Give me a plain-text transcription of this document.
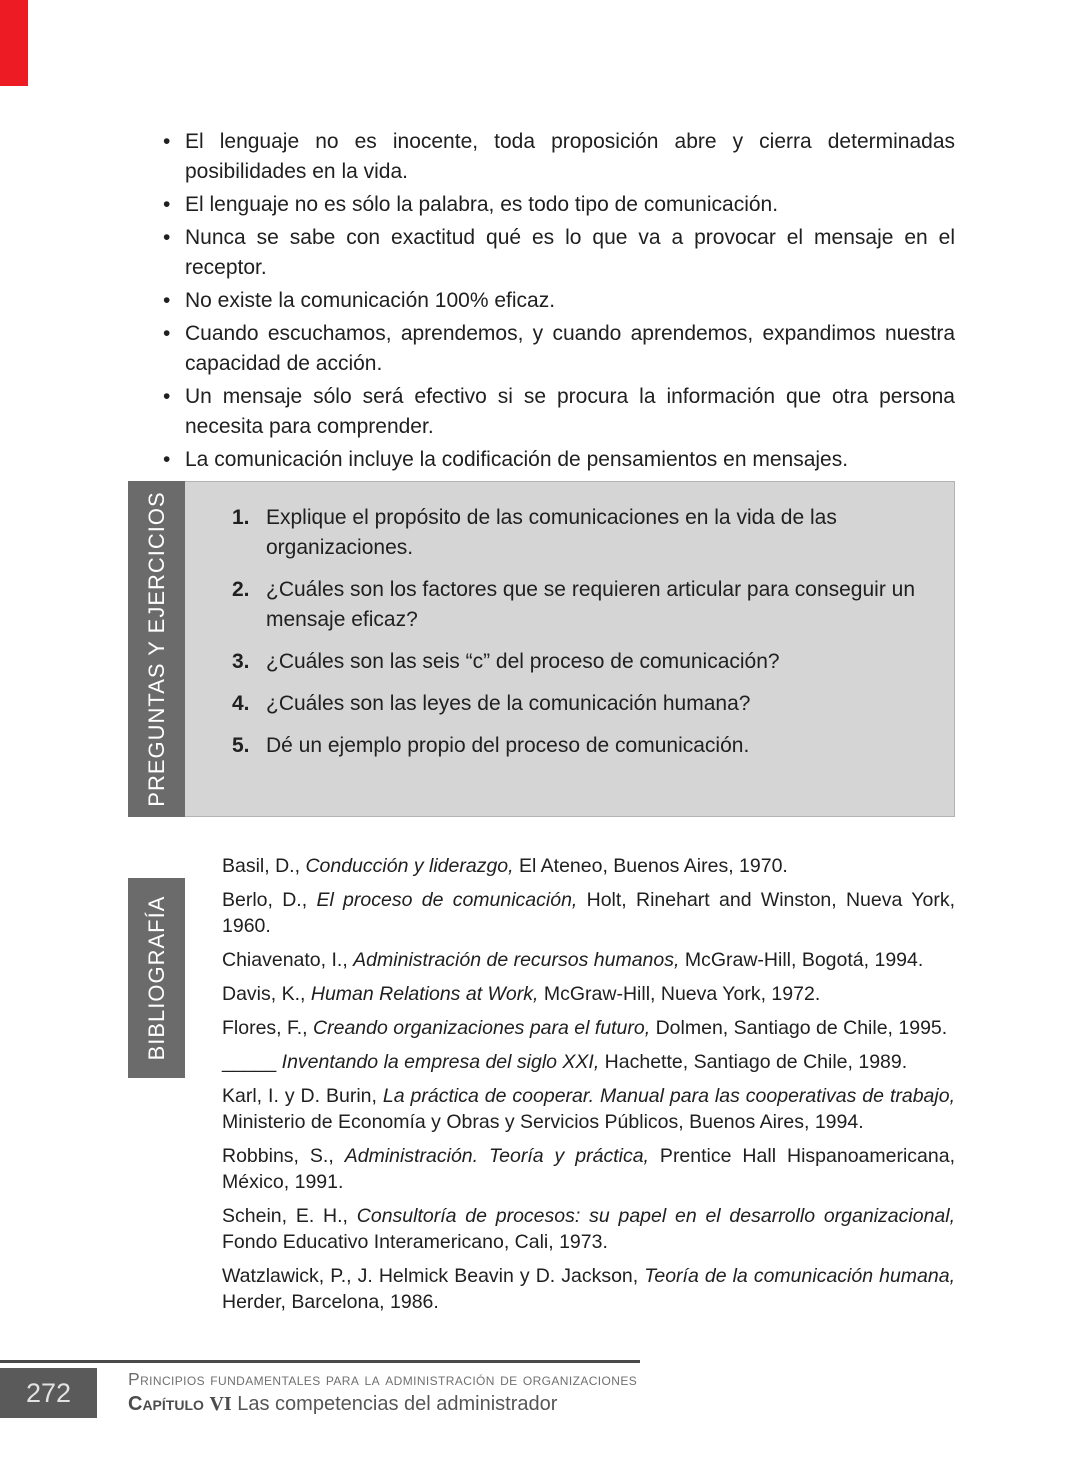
• El lenguaje no es inocente, toda proposición abre y cierra determinadas posibilidades en la vida.
• El lenguaje no es sólo la palabra, es todo tipo de comunicación.
• Nunca se sabe con exactitud qué es lo que va a provocar el mensaje en el receptor.
• No existe la comunicación 100% eficaz.
• Cuando escuchamos, aprendemos, y cuando aprendemos, expandimos nuestra capacidad de acción.
• Un mensaje sólo será efectivo si se procura la información que otra persona necesita para comprender.
• La comunicación incluye la codificación de pensamientos en mensajes.
PREGUNTAS Y EJERCICIOS	1. Explique el propósito de las comunicaciones en la vida de las organizaciones.
2. ¿Cuáles son los factores que se requieren articular para conseguir un mensaje eficaz?
3. ¿Cuáles son las seis “c” del proceso de comunicación?
4. ¿Cuáles son las leyes de la comunicación humana?
5. Dé un ejemplo propio del proceso de comunicación.
BIBLIOGRAFÍA
Basil, D., Conducción y liderazgo, El Ateneo, Buenos Aires, 1970.
Berlo, D., El proceso de comunicación, Holt, Rinehart and Winston, Nueva York, 1960.
Chiavenato, I., Administración de recursos humanos, McGraw-Hill, Bogotá, 1994.
Davis, K., Human Relations at Work, McGraw-Hill, Nueva York, 1972.
Flores, F., Creando organizaciones para el futuro, Dolmen, Santiago de Chile, 1995.
_____ Inventando la empresa del siglo XXI, Hachette, Santiago de Chile, 1989.
Karl, I. y D. Burin, La práctica de cooperar. Manual para las cooperativas de trabajo, Ministerio de Economía y Obras y Servicios Públicos, Buenos Aires, 1994.
Robbins, S., Administración. Teoría y práctica, Prentice Hall Hispanoamericana, México, 1991.
Schein, E. H., Consultoría de procesos: su papel en el desarrollo organizacional, Fondo Educativo Interamericano, Cali, 1973.
Watzlawick, P., J. Helmick Beavin y D. Jackson, Teoría de la comunicación humana, Herder, Barcelona, 1986.
272	Principios fundamentales para la administración de organizaciones
Capítulo VI Las competencias del administrador
